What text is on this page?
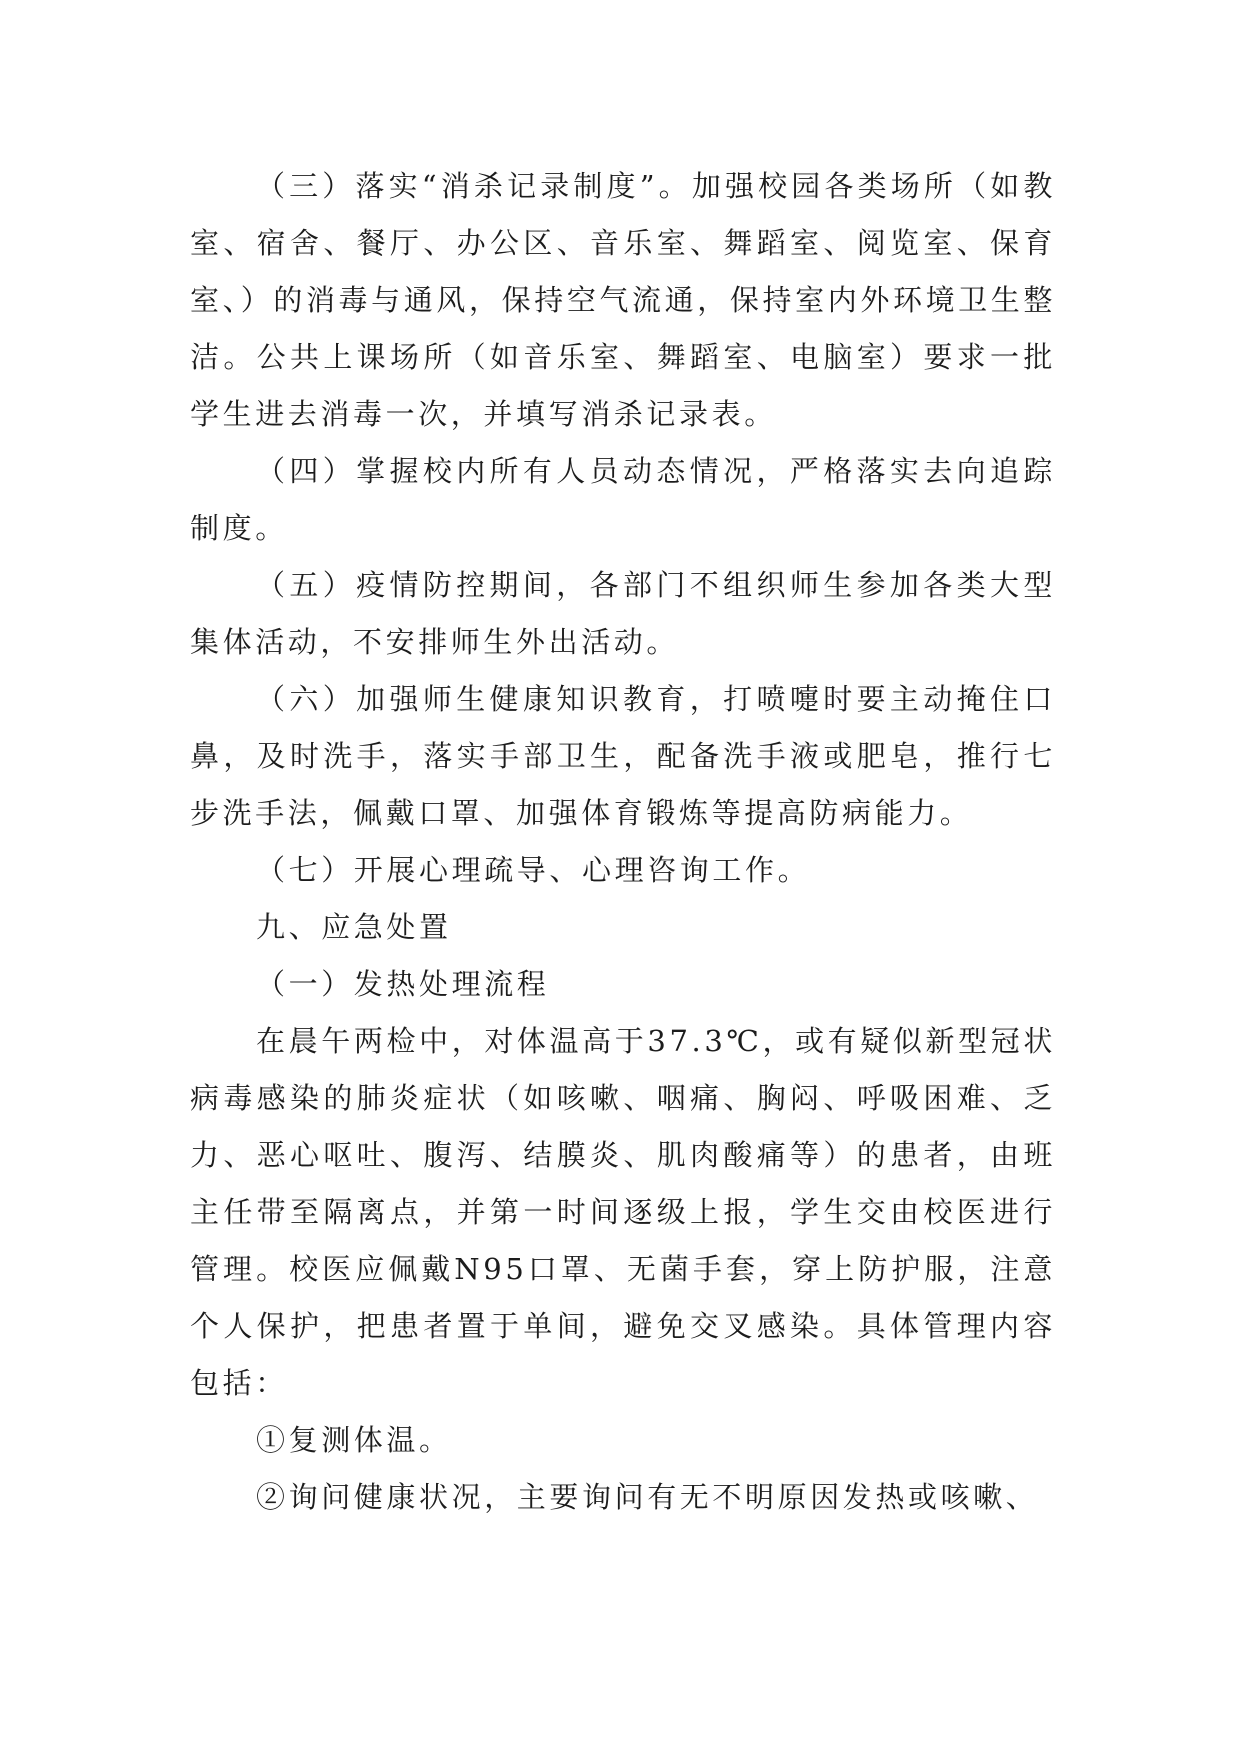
（三）落实“消杀记录制度”。加强校园各类场所（如教室、宿舍、餐厅、办公区、音乐室、舞蹈室、阅览室、保育室、）的消毒与通风，保持空气流通，保持室内外环境卫生整洁。公共上课场所（如音乐室、舞蹈室、电脑室）要求一批学生进去消毒一次，并填写消杀记录表。

（四）掌握校内所有人员动态情况，严格落实去向追踪制度。

（五）疫情防控期间，各部门不组织师生参加各类大型集体活动，不安排师生外出活动。

（六）加强师生健康知识教育，打喷嚏时要主动掩住口鼻，及时洗手，落实手部卫生，配备洗手液或肥皂，推行七步洗手法，佩戴口罩、加强体育锻炼等提高防病能力。

（七）开展心理疏导、心理咨询工作。

九、应急处置

（一）发热处理流程

在晨午两检中，对体温高于37.3℃，或有疑似新型冠状病毒感染的肺炎症状（如咳嗽、咽痛、胸闷、呼吸困难、乏力、恶心呕吐、腹泻、结膜炎、肌肉酸痛等）的患者，由班主任带至隔离点，并第一时间逐级上报，学生交由校医进行管理。校医应佩戴N95口罩、无菌手套，穿上防护服，注意个人保护，把患者置于单间，避免交叉感染。具体管理内容包括：

①复测体温。

②询问健康状况，主要询问有无不明原因发热或咳嗽、
